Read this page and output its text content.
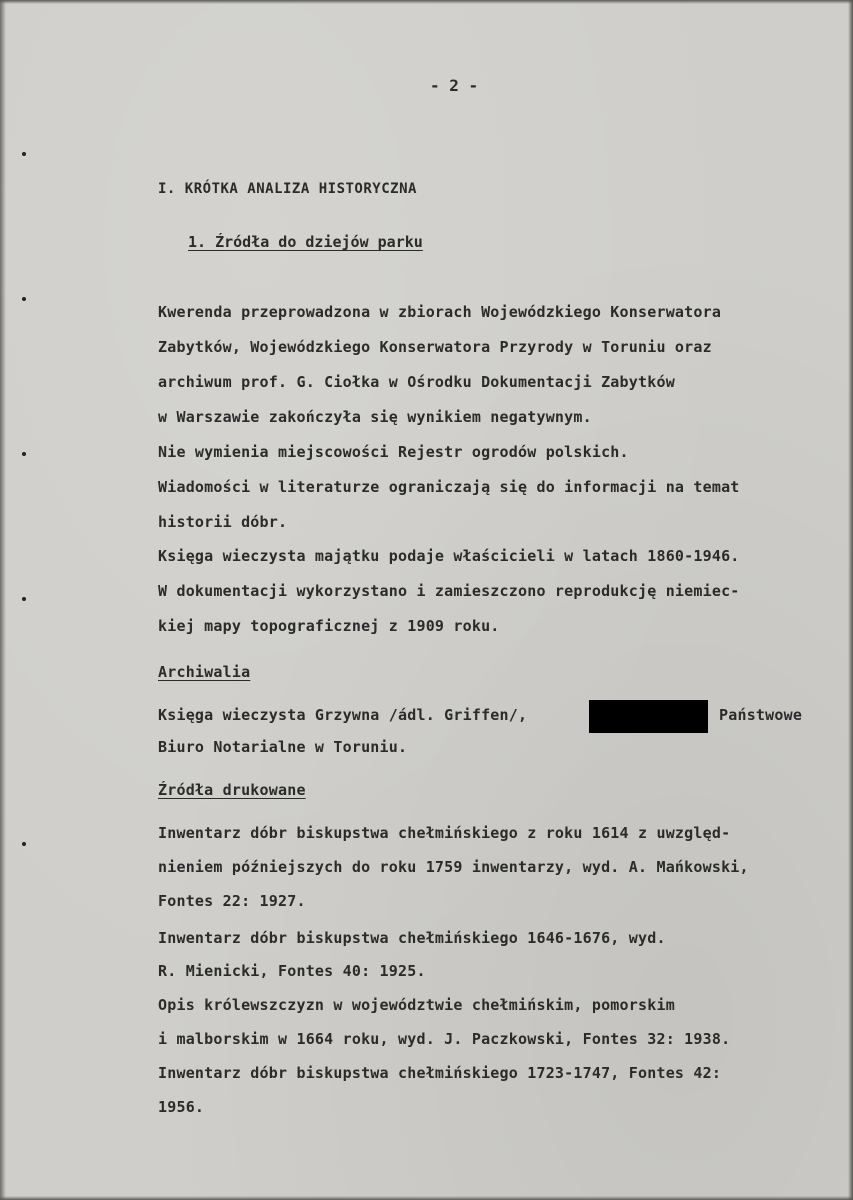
- 2 -
I. KRÓTKA ANALIZA HISTORYCZNA
1. Źródła do dziejów parku
Kwerenda przeprowadzona w zbiorach Wojewódzkiego Konserwatora
Zabytków, Wojewódzkiego Konserwatora Przyrody w Toruniu oraz
archiwum prof. G. Ciołka w Ośrodku Dokumentacji Zabytków
w Warszawie zakończyła się wynikiem negatywnym.
Nie wymienia miejscowości Rejestr ogrodów polskich.
Wiadomości w literaturze ograniczają się do informacji na temat
historii dóbr.
Księga wieczysta majątku podaje właścicieli w latach 1860-1946.
W dokumentacji wykorzystano i zamieszczono reprodukcję niemiec-
kiej mapy topograficznej z 1909 roku.
Archiwalia
Księga wieczysta Grzywna /ádl. Griffen/,	Państwowe
Biuro Notarialne w Toruniu.
Źródła drukowane
Inwentarz dóbr biskupstwa chełmińskiego z roku 1614 z uwzględ-
nieniem późniejszych do roku 1759 inwentarzy, wyd. A. Mańkowski,
Fontes 22: 1927.
Inwentarz dóbr biskupstwa chełmińskiego 1646-1676, wyd.
R. Mienicki, Fontes 40: 1925.
Opis królewszczyzn w województwie chełmińskim, pomorskim
i malborskim w 1664 roku, wyd. J. Paczkowski, Fontes 32: 1938.
Inwentarz dóbr biskupstwa chełmińskiego 1723-1747, Fontes 42:
1956.
